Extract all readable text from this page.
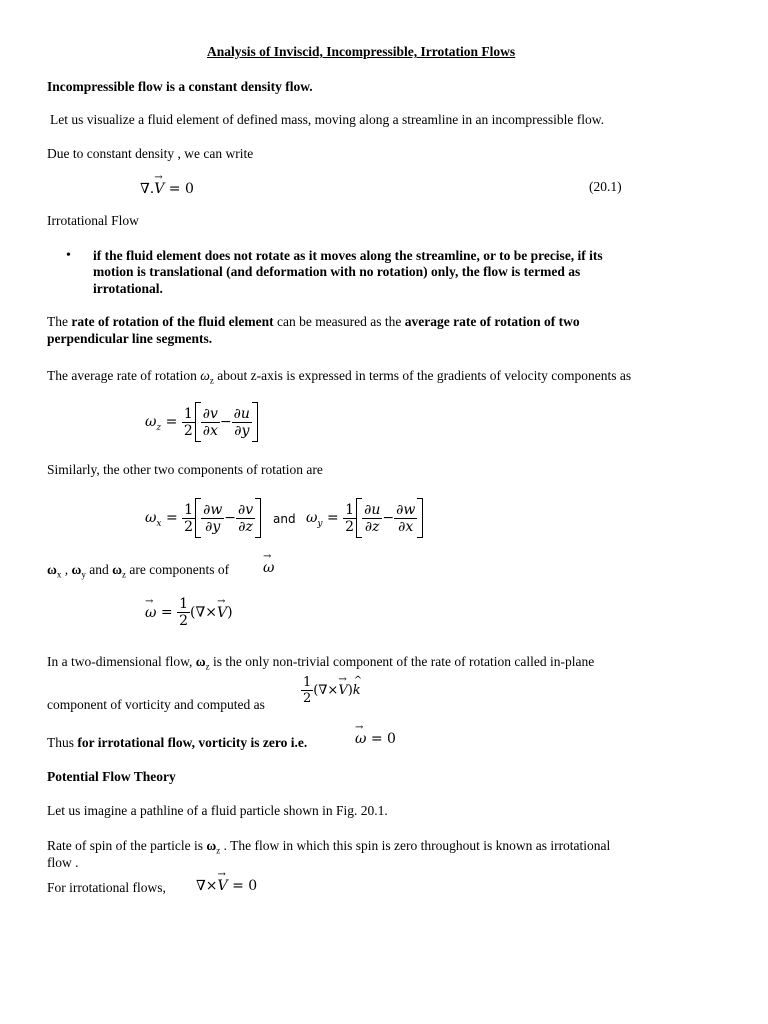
Analysis of Inviscid, Incompressible, Irrotation Flows
Incompressible flow is a constant density flow.
Let us visualize a fluid element of defined mass, moving along a streamline in an incompressible flow.
Due to constant density , we can write
∇.→ V = 0	(20.1)
Irrotational Flow
• if the fluid element does not rotate as it moves along the streamline, or to be precise, if its
motion is translational (and deformation with no rotation) only, the flow is termed as
irrotational.
The rate of rotation of the fluid element can be measured as the average rate of rotation of two
perpendicular line segments.
The average rate of rotation $\omega_z$ about z-axis is expressed in terms of the gradients of velocity components as
$\omega_z = \frac{1}{2} \frac{\partial v}{\partial x} - \frac{\partial u}{\partial y}$
Similarly, the other two components of rotation are
$\omega_x = \frac{1}{2} \frac{\partial w}{\partial y} - \frac{\partial v}{\partial z}$ and $\omega_y = \frac{1}{2} \frac{\partial u}{\partial z} - \frac{\partial w}{\partial x}$
$\omega_x$ , $\omega_y$ and $\omega_z$ are components of → ω
→ $\omega = \frac{1}{2}$ (∇×→ V)
In a two-dimensional flow, $\omega_z$ is the only non-trivial component of the rate of rotation called in-plane
component of vorticity and computed as	$\frac{1}{2}$ (∇×→ V)^ k
Thus for irrotational flow, vorticity is zero i.e.	→ ω = 0
Potential Flow Theory
Let us imagine a pathline of a fluid particle shown in Fig. 20.1.
Rate of spin of the particle is $\omega_z$ . The flow in which this spin is zero throughout is known as irrotational
flow .
For irrotational flows, ∇×→ V = 0
